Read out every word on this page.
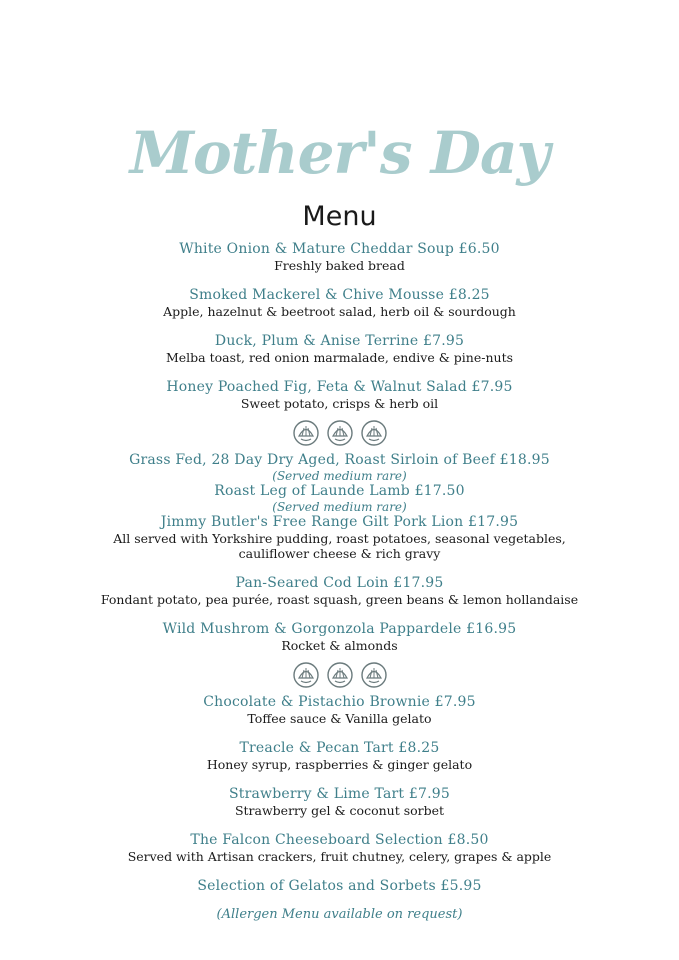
Mother's Day
Menu
White Onion & Mature Cheddar Soup £6.50
Freshly baked bread
Smoked Mackerel & Chive Mousse £8.25
Apple, hazelnut & beetroot salad, herb oil & sourdough
Duck, Plum & Anise Terrine £7.95
Melba toast, red onion marmalade, endive & pine-nuts
Honey Poached Fig, Feta & Walnut Salad £7.95
Sweet potato, crisps & herb oil
Grass Fed, 28 Day Dry Aged, Roast Sirloin of Beef £18.95
(Served medium rare)
Roast Leg of Launde Lamb £17.50
(Served medium rare)
Jimmy Butler's Free Range Gilt Pork Lion £17.95
All served with Yorkshire pudding, roast potatoes, seasonal vegetables,
cauliflower cheese & rich gravy
Pan-Seared Cod Loin £17.95
Fondant potato, pea purée, roast squash, green beans & lemon hollandaise
Wild Mushrom & Gorgonzola Pappardele £16.95
Rocket & almonds
Chocolate & Pistachio Brownie £7.95
Toffee sauce & Vanilla gelato
Treacle & Pecan Tart £8.25
Honey syrup, raspberries & ginger gelato
Strawberry & Lime Tart £7.95
Strawberry gel & coconut sorbet
The Falcon Cheeseboard Selection £8.50
Served with Artisan crackers, fruit chutney, celery, grapes & apple
Selection of Gelatos and Sorbets £5.95
(Allergen Menu available on request)
